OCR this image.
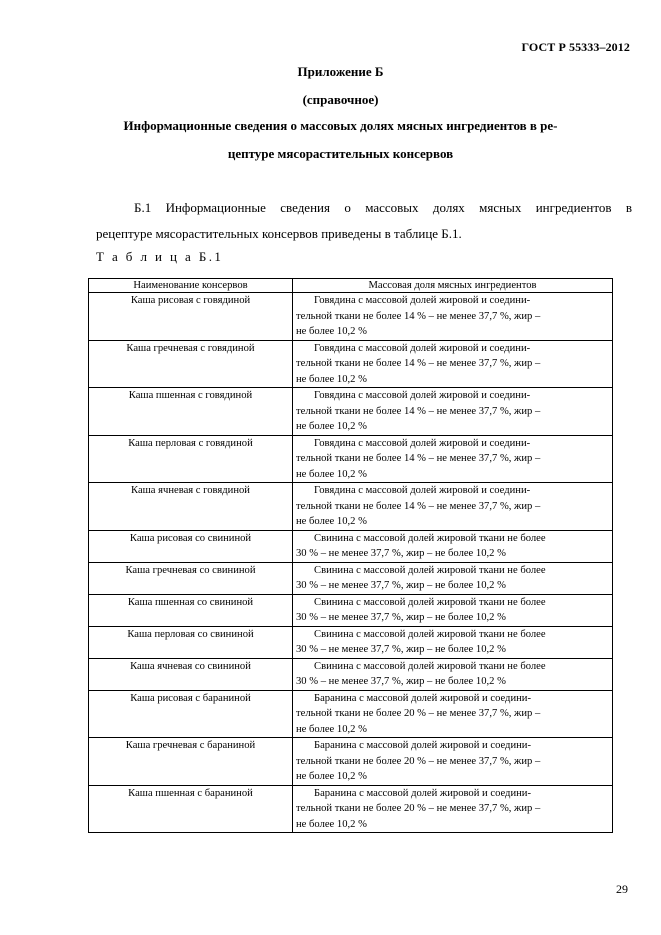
ГОСТ Р 55333–2012
Приложение Б
(справочное)
Информационные сведения о массовых долях мясных ингредиентов в ре-
цептуре мясорастительных консервов
Б.1 Информационные сведения о массовых долях мясных ингредиентов в
рецептуре мясорастительных консервов приведены в таблице Б.1.
Т а б л и ц а Б.1
Наименование консервов	Массовая доля мясных ингредиентов
Каша рисовая с говядиной	Говядина с массовой долей жировой и соедини-
тельной ткани не более 14 % – не менее 37,7 %, жир –
не более 10,2 %

Каша гречневая с говядиной	Говядина с массовой долей жировой и соедини-
тельной ткани не более 14 % – не менее 37,7 %, жир –
не более 10,2 %

Каша пшенная с говядиной	Говядина с массовой долей жировой и соедини-
тельной ткани не более 14 % – не менее 37,7 %, жир –
не более 10,2 %

Каша перловая с говядиной	Говядина с массовой долей жировой и соедини-
тельной ткани не более 14 % – не менее 37,7 %, жир –
не более 10,2 %

Каша ячневая с говядиной	Говядина с массовой долей жировой и соедини-
тельной ткани не более 14 % – не менее 37,7 %, жир –
не более 10,2 %

Каша рисовая со свининой	Свинина с массовой долей жировой ткани не более
30 % – не менее 37,7 %, жир – не более 10,2 %

Каша гречневая со свининой	Свинина с массовой долей жировой ткани не более
30 % – не менее 37,7 %, жир – не более 10,2 %

Каша пшенная со свининой	Свинина с массовой долей жировой ткани не более
30 % – не менее 37,7 %, жир – не более 10,2 %

Каша перловая со свининой	Свинина с массовой долей жировой ткани не более
30 % – не менее 37,7 %, жир – не более 10,2 %

Каша ячневая со свининой	Свинина с массовой долей жировой ткани не более
30 % – не менее 37,7 %, жир – не более 10,2 %

Каша рисовая с бараниной	Баранина с массовой долей жировой и соедини-
тельной ткани не более 20 % – не менее 37,7 %, жир –
не более 10,2 %

Каша гречневая с бараниной	Баранина с массовой долей жировой и соедини-
тельной ткани не более 20 % – не менее 37,7 %, жир –
не более 10,2 %

Каша пшенная с бараниной	Баранина с массовой долей жировой и соедини-
тельной ткани не более 20 % – не менее 37,7 %, жир –
не более 10,2 %
29
